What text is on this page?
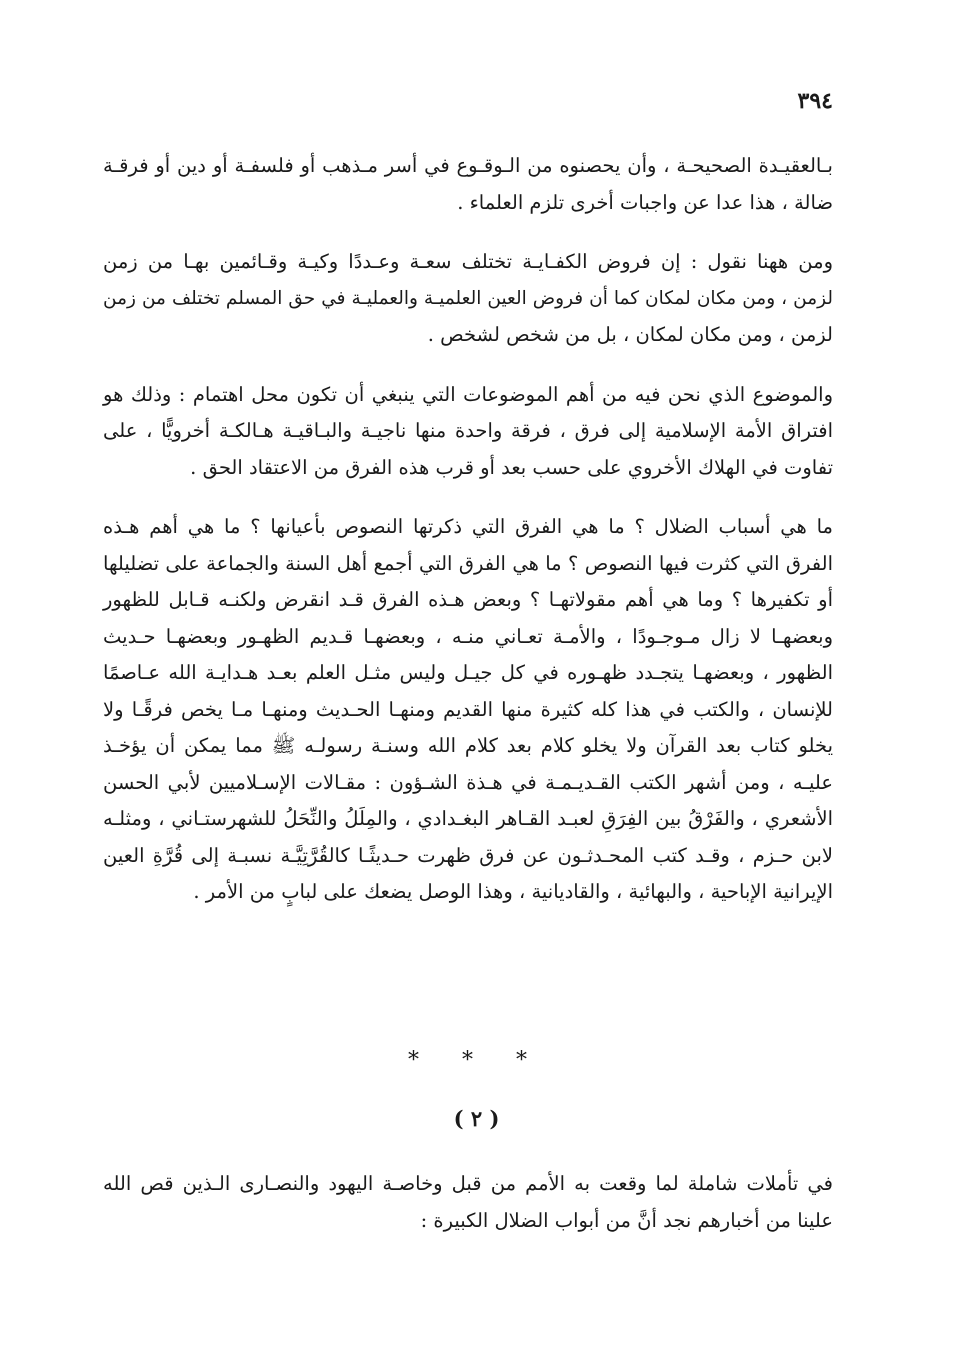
٣٩٤

بـالعقيـدة الصحيحـة ، وأن يحصنوه من الـوقـوع في أسر مـذهب أو فلسفـة أو دين أو فرقـة
ضالة ، هذا عدا عن واجبات أخرى تلزم العلماء .

ومن ههنا نقول : إن فروض الكفـايـة تختلف سعـة وعـددًا وكيـة وقـائمين بهـا من زمن
لزمن ، ومن مكان لمكان كما أن فروض العين العلميـة والعمليـة في حق المسلم تختلف من زمن
لزمن ، ومن مكان لمكان ، بل من شخص لشخص .

والموضوع الذي نحن فيه من أهم الموضوعات التي ينبغي أن تكون محل اهتمام : وذلك هو
افتراق الأمة الإسلامية إلى فرق ، فرقة واحدة منها ناجيـة والبـاقيـة هـالكـة أخرويًّا ، على
تفاوت في الهلاك الأخروي على حسب بعد أو قرب هذه الفرق من الاعتقاد الحق .

ما هي أسباب الضلال ؟ ما هي الفرق التي ذكرتها النصوص بأعيانها ؟ ما هي أهم هـذه
الفرق التي كثرت فيها النصوص ؟ ما هي الفرق التي أجمع أهل السنة والجماعة على تضليلها
أو تكفيرها ؟ وما هي أهم مقولاتهـا ؟ وبعض هـذه الفرق قـد انقرض ولكنـه قـابل للظهور
وبعضهـا لا زال مـوجـودًا ، والأمـة تعـاني منـه ، وبعضهـا قـديم الظهـور وبعضهـا حـديث
الظهور ، وبعضهـا يتجـدد ظهـوره في كل جيـل وليس مثـل العلم بعـد هـدايـة الله عـاصمًا
للإنسان ، والكتب في هذا كله كثيرة منها القديم ومنهـا الحـديث ومنهـا مـا يخص فرقًـا ولا
يخلو كتاب بعد القرآن ولا يخلو كلام بعد كلام الله وسنـة رسولـه ﷺ مما يمكن أن يؤخـذ
عليـه ، ومن أشهر الكتب القـديـمـة في هـذة الشـؤون : مقـالات الإسـلاميين لأبي الحسن
الأشعري ، والفَرْقُ بين الفِرَقِ لعبـد القـاهر البغـدادي ، والمِلَلُ والنِّحَلُ للشهرستـاني ، ومثلـه
لابن حـزم ، وقـد كتب المحـدثـون عن فرق ظهرت حـديثًـا كالقُرَّتِيَّـة نسبـة إلى قُرَّةِ العين
الإيرانية الإباحية ، والبهائية ، والقاديانية ، وهذا الوصل يضعك على لبابٍ من الأمر .

* * *
( ٢ )

في تأملات شاملة لما وقعت به الأمم من قبل وخاصـة اليهود والنصـارى الـذين قص الله
علينا من أخبارهم نجد أنَّ من أبواب الضلال الكبيرة :
